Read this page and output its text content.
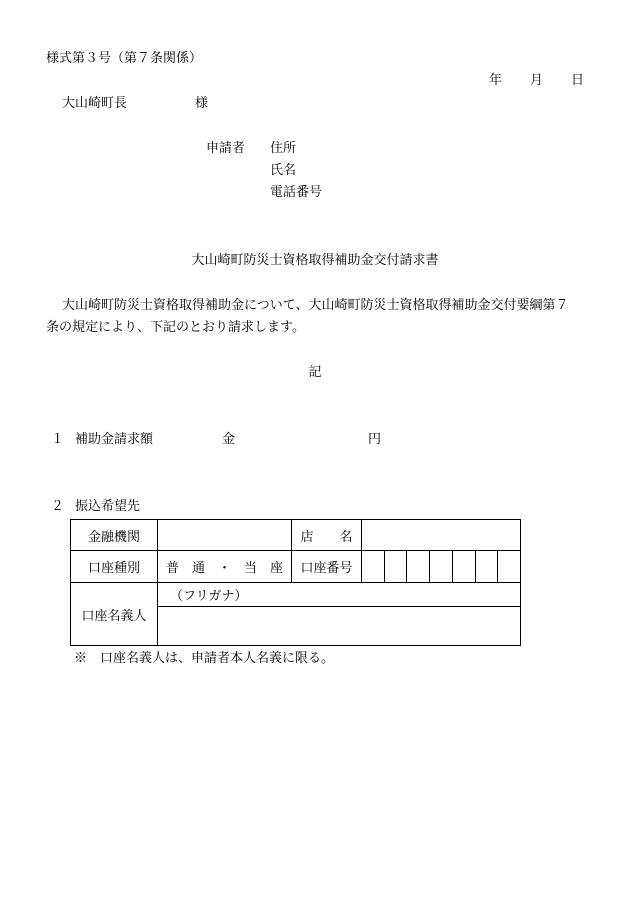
様式第３号（第７条関係）
年 月 日
大山崎町長	様
申請者 住所
氏名
電話番号
大山崎町防災士資格取得補助金交付請求書
大山崎町防災士資格取得補助金について、大山崎町防災士資格取得補助金交付要綱第７
条の規定により、下記のとおり請求します。
記
１ 補助金請求額	金	円
２ 振込希望先
金融機関		店　　名	
口座種別	普　通　・　当　座	口座番号	

口座名義人	（フリガナ）		

※　口座名義人は、申請者本人名義に限る。
